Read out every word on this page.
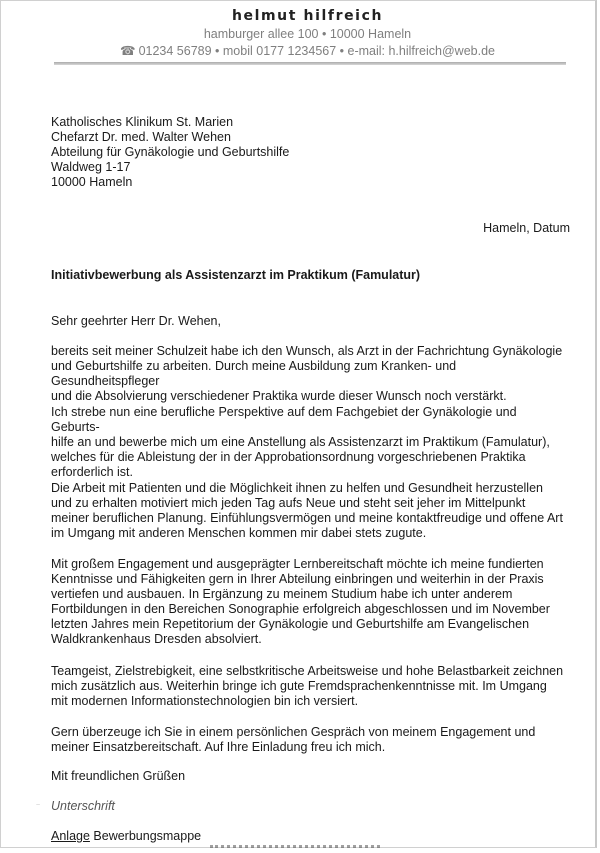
helmut hilfreich
hamburger allee 100 • 10000 Hameln
☎ 01234 56789 • mobil 0177 1234567 • e-mail: h.hilfreich@web.de
Katholisches Klinikum St. Marien
Chefarzt Dr. med. Walter Wehen
Abteilung für Gynäkologie und Geburtshilfe
Waldweg 1-17
10000 Hameln
Hameln, Datum
Initiativbewerbung als Assistenzarzt im Praktikum (Famulatur)
Sehr geehrter Herr Dr. Wehen,
bereits seit meiner Schulzeit habe ich den Wunsch, als Arzt in der Fachrichtung Gynäkologie
und Geburtshilfe zu arbeiten. Durch meine Ausbildung zum Kranken- und Gesundheitspfleger
und die Absolvierung verschiedener Praktika wurde dieser Wunsch noch verstärkt.
Ich strebe nun eine berufliche Perspektive auf dem Fachgebiet der Gynäkologie und Geburts-
hilfe an und bewerbe mich um eine Anstellung als Assistenzarzt im Praktikum (Famulatur),
welches für die Ableistung der in der Approbationsordnung vorgeschriebenen Praktika
erforderlich ist.
Die Arbeit mit Patienten und die Möglichkeit ihnen zu helfen und Gesundheit herzustellen
und zu erhalten motiviert mich jeden Tag aufs Neue und steht seit jeher im Mittelpunkt
meiner beruflichen Planung. Einfühlungsvermögen und meine kontaktfreudige und offene Art
im Umgang mit anderen Menschen kommen mir dabei stets zugute.
Mit großem Engagement und ausgeprägter Lernbereitschaft möchte ich meine fundierten
Kenntnisse und Fähigkeiten gern in Ihrer Abteilung einbringen und weiterhin in der Praxis
vertiefen und ausbauen. In Ergänzung zu meinem Studium habe ich unter anderem
Fortbildungen in den Bereichen Sonographie erfolgreich abgeschlossen und im November
letzten Jahres mein Repetitorium der Gynäkologie und Geburtshilfe am Evangelischen
Waldkrankenhaus Dresden absolviert.
Teamgeist, Zielstrebigkeit, eine selbstkritische Arbeitsweise und hohe Belastbarkeit zeichnen
mich zusätzlich aus. Weiterhin bringe ich gute Fremdsprachenkenntnisse mit. Im Umgang
mit modernen Informationstechnologien bin ich versiert.
Gern überzeuge ich Sie in einem persönlichen Gespräch von meinem Engagement und
meiner Einsatzbereitschaft. Auf Ihre Einladung freu ich mich.
Mit freundlichen Grüßen
~ Unterschrift
Anlage Bewerbungsmappe
